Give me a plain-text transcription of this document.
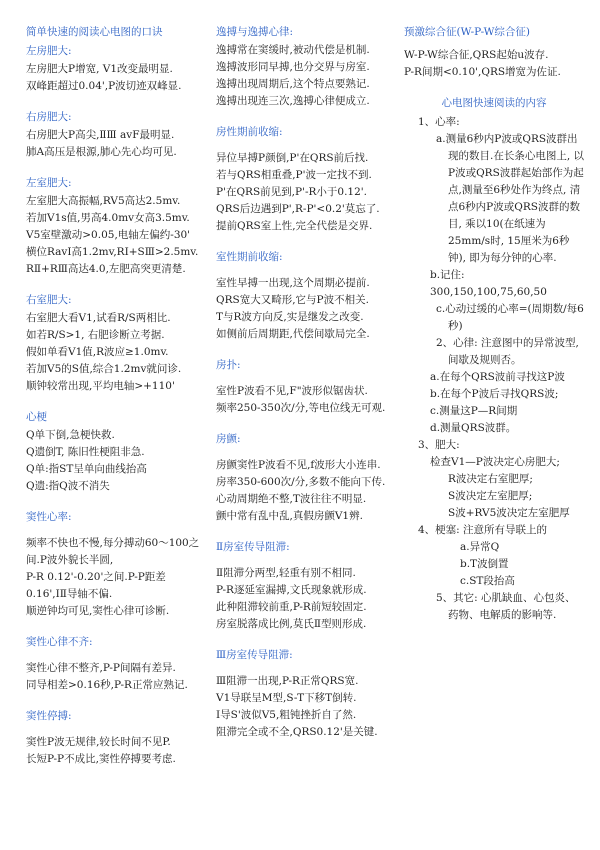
简单快速的阅读心电图的口诀
左房肥大:
左房肥大P增宽, V1改变最明显.
双峰距超过0.04',P波切迹双峰显.
右房肥大:
右房肥大P高尖,ⅡⅢ avF最明显.
肺A高压是根源,肺心先心均可见.
左室肥大:
左室肥大高振幅,RV5高达2.5mv.
若加V1s值,男高4.0mv女高3.5mv.
V5室壁激动>0.05,电轴左偏约-30'
横位RavI高1.2mv,RⅠ+SⅢ>2.5mv.
RⅡ+RⅢ高达4.0,左肥高突更清楚.
右室肥大:
右室肥大看V1,试看R/S两相比.
如若R/S>1, 右肥诊断立考据.
假如单看V1值,R波应≥1.0mv.
若加V5的S值,综合1.2mv就问诊.
顺钟较常出现,平均电轴>+110'
心梗
Q单下倒,急梗快救.
Q遗倒T, 陈旧性梗阻非急.
Q单:指ST呈单向曲线抬高
Q遗:指Q波不消失
窦性心率:
频率不快也不慢,每分搏动60～100之间.P波外貌长半圆,
P-R 0.12'-0.20'之间.P-P距差0.16',ⅠⅡ导轴不偏.
顺逆钟均可见,窦性心律可诊断.
窦性心律不齐:
窦性心律不整齐,P-P间隔有差异.
同导相差>0.16秒,P-R正常应熟记.
窦性停搏:
窦性P波无规律,较长时间不见P.
长短P-P不成比,窦性停搏要考虑.
逸搏与逸搏心律:
逸搏常在窦缓时,被动代偿是机制.
逸搏波形同早搏,也分交界与房室.
逸搏出现周期后,这个特点要熟记.
逸搏出现连三次,逸搏心律便成立.
房性期前收缩:
异位早搏P颜倒,P'在QRS前后找.
若与QRS相重叠,P'波一定找不到.
P'在QRS前见到,P'-R小于0.12'.
QRS后边遇到P',R-P'<0.2'莫忘了.
提前QRS室上性,完全代偿是交界.
室性期前收缩:
室性早搏一出现,这个周期必提前.
QRS宽大又畸形,它与P波不相关.
T与R波方向反,实是继发之改变.
如侧前后周期距,代偿间歇局完全.
房扑:
室性P波看不见,F"波形似锯齿状.
频率250-350次/分,等电位线无可观.
房颤:
房颤窦性P波看不见,f波形大小连串.
房率350-600次/分,多数不能向下传.
心动周期绝不整,T波往往不明显.
颤中常有乱中乱,真假房颤V1辨.
Ⅱ房室传导阻滞:
Ⅱ阻滞分两型,轻重有别不相同.
P-R逐延室漏搏,文氏现象就形成.
此种阻滞较前重,P-R前短较固定.
房室脱落成比例,莫氏Ⅱ型则形成.
Ⅲ房室传导阻滞:
Ⅲ阻滞一出现,P-R正常QRS宽.
V1导联呈M型,S-T下移T倒转.
Ⅰ导S'波似V5,粗钝挫折自了然.
阻滞完全或不全,QRS0.12'是关键.
预激综合征(W-P-W综合征)
W-P-W综合征,QRS起始u波存.
P-R间期<0.10',QRS增宽为佐证.
心电图快速阅读的内容
1、心率:
a.测量6秒内P波或QRS波群出现的数目.在长条心电图上, 以P波或QRS波群起始部作为起点,测量至6秒处作为终点, 清点6秒内P波或QRS波群的数目, 乘以10(在纸速为25mm/s时, 15厘米为6秒钟), 即为每分钟的心率.
b.记住: 300,150,100,75,60,50
c.心动过缓的心率=(周期数/每6秒)
2、心律: 注意图中的异常波型, 间歇及规则否。
a.在每个QRS波前寻找这P波
b.在每个P波后寻找QRS波;
c.测量这P—R间期
d.测量QRS波群。
3、肥大:
检查V1—P波决定心房肥大;
R波决定右室肥厚;
S波决定左室肥厚;
S波+RV5波决定左室肥厚
4、梗塞: 注意所有导联上的
a.异常Q
b.T波倒置
c.ST段抬高
5、其它: 心肌缺血、心包炎、药物、电解质的影响等.
